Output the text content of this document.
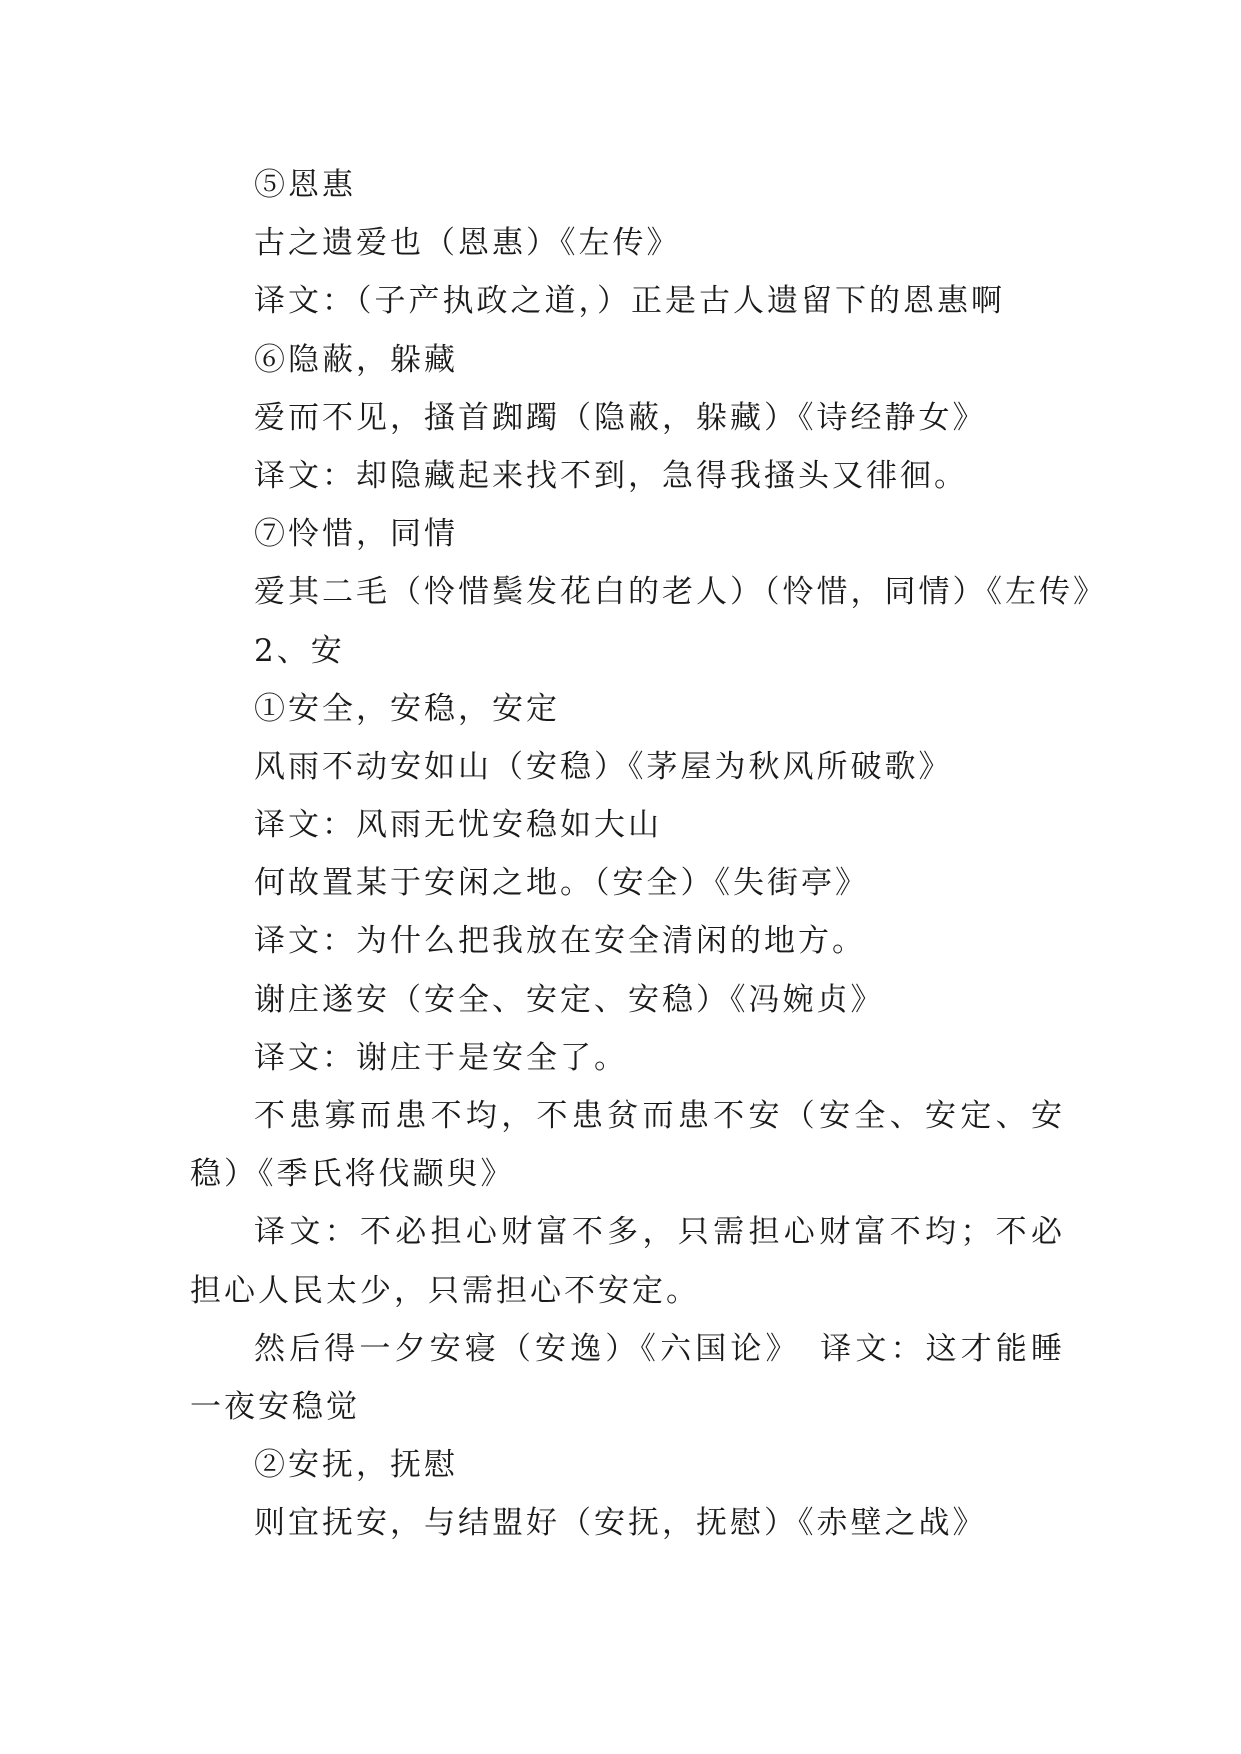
⑤恩惠
古之遗爱也（恩惠）《左传》
译文：（子产执政之道，）正是古人遗留下的恩惠啊
⑥隐蔽，躲藏
爱而不见，搔首踟躅（隐蔽，躲藏）《诗经静女》
译文：却隐藏起来找不到，急得我搔头又徘徊。
⑦怜惜，同情
爱其二毛（怜惜鬓发花白的老人）（怜惜，同情）《左传》
2、安
①安全，安稳，安定
风雨不动安如山（安稳）《茅屋为秋风所破歌》
译文：风雨无忧安稳如大山
何故置某于安闲之地。（安全）《失街亭》
译文：为什么把我放在安全清闲的地方。
谢庄遂安（安全、安定、安稳）《冯婉贞》
译文：谢庄于是安全了。
不患寡而患不均，不患贫而患不安（安全、安定、安稳）《季氏将伐颛臾》
译文：不必担心财富不多，只需担心财富不均；不必担心人民太少，只需担心不安定。
然后得一夕安寝（安逸）《六国论》　译文：这才能睡一夜安稳觉
②安抚，抚慰
则宜抚安，与结盟好（安抚，抚慰）《赤壁之战》
